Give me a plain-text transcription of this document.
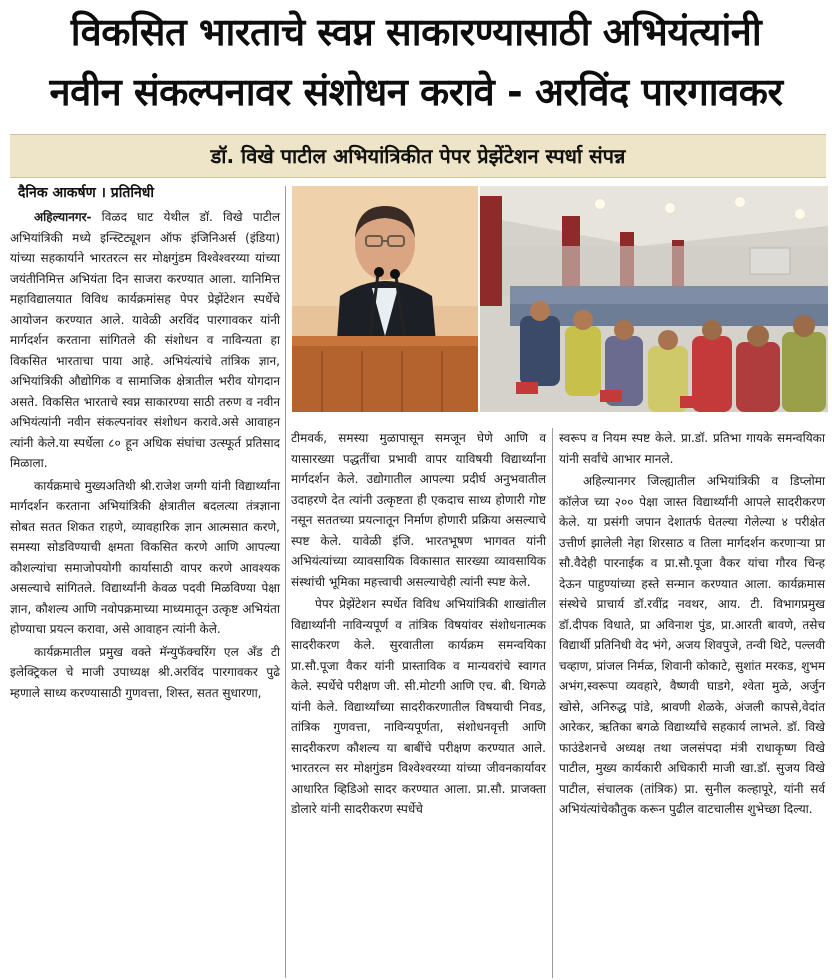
विकसित भारताचे स्वप्न साकारण्यासाठी अभियंत्यांनी
नवीन संकल्पनावर संशोधन करावे - अरविंद पारगावकर
डॉ. विखे पाटील अभियांत्रिकीत पेपर प्रेझेंटेशन स्पर्धा संपन्न
दैनिक आकर्षण । प्रतिनिधी

अहिल्यानगर- विळद घाट येथील डॉ. विखे पाटील अभियांत्रिकी मध्ये इन्स्टिट्यूशन ऑफ इंजिनिअर्स (इंडिया) यांच्या सहकार्याने भारतरत्न सर मोक्षगुंडम विश्वेश्वरय्या यांच्या जयंतीनिमित्त अभियंता दिन साजरा करण्यात आला. यानिमित्त महाविद्यालयात विविध कार्यक्रमांसह पेपर प्रेझेंटेशन स्पर्धेचे आयोजन करण्यात आले. यावेळी अरविंद पारगावकर यांनी मार्गदर्शन करताना सांगितले की संशोधन व नाविन्यता हा विकसित भारताचा पाया आहे. अभियंत्यांचे तांत्रिक ज्ञान, अभियांत्रिकी औद्योगिक व सामाजिक क्षेत्रातील भरीव योगदान असते. विकसित भारताचे स्वप्न साकारण्या साठी तरुण व नवीन अभियंत्यांनी नवीन संकल्पनांवर संशोधन करावे.असे आवाहन त्यांनी केले.या स्पर्धेला ८० हून अधिक संघांचा उत्स्फूर्त प्रतिसाद मिळाला.

कार्यक्रमाचे मुख्यअतिथी श्री.राजेश जग्गी यांनी विद्यार्थ्यांना मार्गदर्शन करताना अभियांत्रिकी क्षेत्रातील बदलत्या तंत्रज्ञाना सोबत सतत शिकत राहणे, व्यावहारिक ज्ञान आत्मसात करणे, समस्या सोडविण्याची क्षमता विकसित करणे आणि आपल्या कौशल्यांचा समाजोपयोगी कार्यासाठी वापर करणे आवश्यक असल्याचे सांगितले. विद्यार्थ्यांनी केवळ पदवी मिळविण्या पेक्षा ज्ञान, कौशल्य आणि नवोपक्रमाच्या माध्यमातून उत्कृष्ट अभियंता होण्याचा प्रयत्न करावा, असे आवाहन त्यांनी केले.

कार्यक्रमातील प्रमुख वक्ते मॅन्युफॅक्चरिंग एल अँड टी इलेक्ट्रिकल चे माजी उपाध्यक्ष श्री.अरविंद पारगावकर पुढे म्हणाले साध्य करण्यासाठी गुणवत्ता, शिस्त, सतत सुधारणा,

टीमवर्क, समस्या मुळापासून समजून घेणे आणि व यासारख्या पद्धतींचा प्रभावी वापर याविषयी विद्यार्थ्यांना मार्गदर्शन केले. उद्योगातील आपल्या प्रदीर्घ अनुभवातील उदाहरणे देत त्यांनी उत्कृष्टता ही एकदाच साध्य होणारी गोष्ट नसून सततच्या प्रयत्नातून निर्माण होणारी प्रक्रिया असल्याचे स्पष्ट केले. यावेळी इंजि. भारतभूषण भागवत यांनी अभियंत्यांच्या व्यावसायिक विकासात सारख्या व्यावसायिक संस्थांची भूमिका महत्त्वाची असल्याचेही त्यांनी स्पष्ट केले.

पेपर प्रेझेंटेशन स्पर्धेत विविध अभियांत्रिकी शाखांतील विद्यार्थ्यांनी नाविन्यपूर्ण व तांत्रिक विषयांवर संशोधनात्मक सादरीकरण केले. सुरवातीला कार्यक्रम समन्वयिका प्रा.सौ.पूजा वैकर यांनी प्रास्ताविक व मान्यवरांचे स्वागत केले. स्पर्धेचे परीक्षण जी. सी.मोटगी आणि एच. बी. थिगळे यांनी केले. विद्यार्थ्यांच्या सादरीकरणातील विषयाची निवड, तांत्रिक गुणवत्ता, नाविन्यपूर्णता, संशोधनवृत्ती आणि सादरीकरण कौशल्य या बाबींचे परीक्षण करण्यात आले. भारतरत्न सर मोक्षगुंडम विश्वेश्वरय्या यांच्या जीवनकार्यावर आधारित व्हिडिओ सादर करण्यात आला. प्रा.सौ. प्राजक्ता डोलारे यांनी सादरीकरण स्पर्धेचे

स्वरूप व नियम स्पष्ट केले. प्रा.डॉ. प्रतिभा गायके समन्वयिका यांनी सर्वांचे आभार मानले.

अहिल्यानगर जिल्ह्यातील अभियांत्रिकी व डिप्लोमा कॉलेज च्या २०० पेक्षा जास्त विद्यार्थ्यांनी आपले सादरीकरण केले. या प्रसंगी जपान देशातर्फ घेतल्या गेलेल्या ४ परीक्षेत उत्तीर्ण झालेली नेहा शिरसाठ व तिला मार्गदर्शन करणाऱ्या प्रा सौ.वैदेही पारनाईक व प्रा.सौ.पूजा वैकर यांचा गौरव चिन्ह देऊन पाहुण्यांच्या हस्ते सन्मान करण्यात आला. कार्यक्रमास संस्थेचे प्राचार्य डॉ.रवींद्र नवथर, आय. टी. विभागप्रमुख डॉ.दीपक विधाते, प्रा अविनाश पुंड, प्रा.आरती बावणे, तसेच विद्यार्थी प्रतिनिधी वेद भंगे, अजय शिवपुजे, तन्वी थिटे, पल्लवी चव्हाण, प्रांजल निर्मळ, शिवानी कोकाटे, सुशांत मरकड, शुभम अभंग,स्वरूपा व्यवहारे, वैष्णवी घाडगे, श्वेता मुळे, अर्जुन खोसे, अनिरुद्ध पांडे, श्रावणी शेळके, अंजली कापसे,वेदांत आरेकर, ऋतिका बगळे विद्यार्थ्यांचे सहकार्य लाभले. डॉ. विखे फाउंडेशनचे अध्यक्ष तथा जलसंपदा मंत्री राधाकृष्ण विखे पाटील, मुख्य कार्यकारी अधिकारी माजी खा.डॉ. सुजय विखे पाटील, संचालक (तांत्रिक) प्रा. सुनील कल्हापूरे, यांनी सर्व अभियंत्यांचेकौतुक करून पुढील वाटचालीस शुभेच्छा दिल्या.
